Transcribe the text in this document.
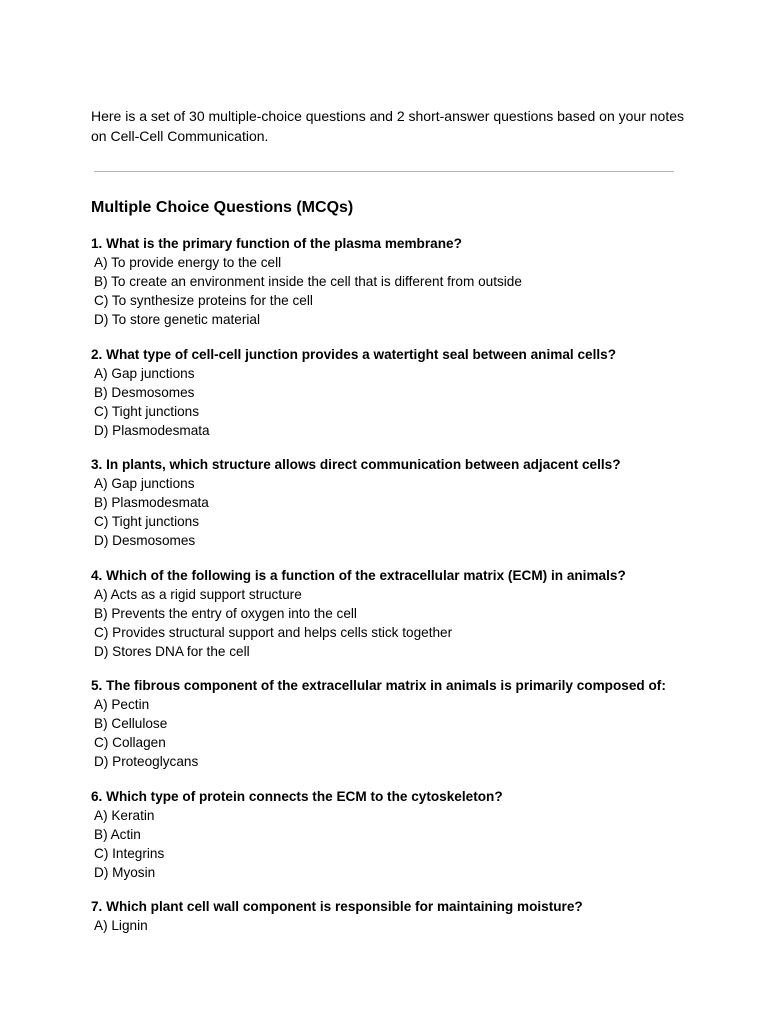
Here is a set of 30 multiple-choice questions and 2 short-answer questions based on your notes on Cell-Cell Communication.

Multiple Choice Questions (MCQs)
1. What is the primary function of the plasma membrane?
A) To provide energy to the cell
B) To create an environment inside the cell that is different from outside
C) To synthesize proteins for the cell
D) To store genetic material
2. What type of cell-cell junction provides a watertight seal between animal cells?
A) Gap junctions
B) Desmosomes
C) Tight junctions
D) Plasmodesmata
3. In plants, which structure allows direct communication between adjacent cells?
A) Gap junctions
B) Plasmodesmata
C) Tight junctions
D) Desmosomes
4. Which of the following is a function of the extracellular matrix (ECM) in animals?
A) Acts as a rigid support structure
B) Prevents the entry of oxygen into the cell
C) Provides structural support and helps cells stick together
D) Stores DNA for the cell
5. The fibrous component of the extracellular matrix in animals is primarily composed of:
A) Pectin
B) Cellulose
C) Collagen
D) Proteoglycans
6. Which type of protein connects the ECM to the cytoskeleton?
A) Keratin
B) Actin
C) Integrins
D) Myosin
7. Which plant cell wall component is responsible for maintaining moisture?
A) Lignin
